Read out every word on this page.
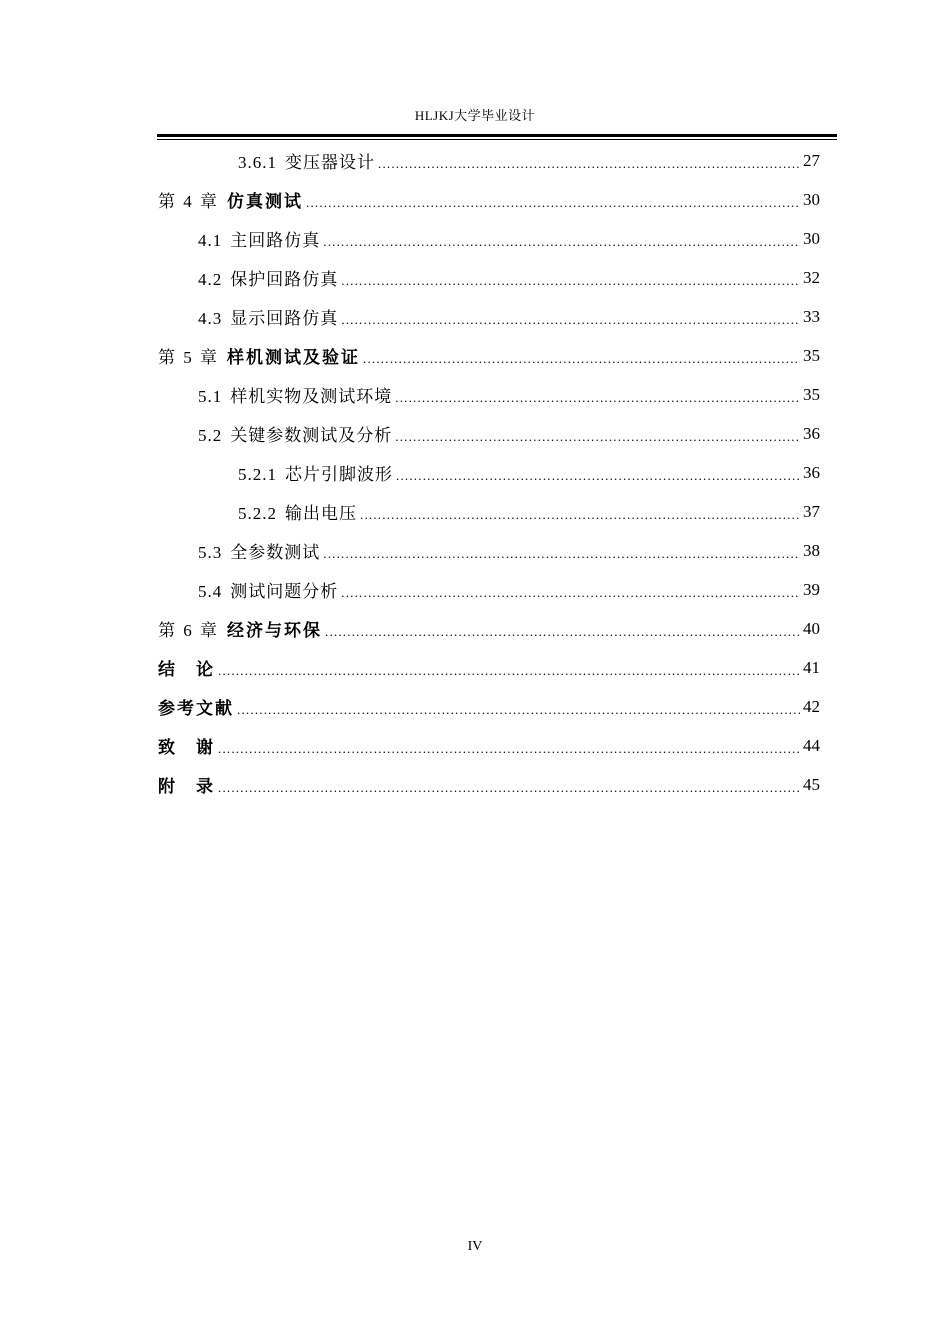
HLJKJ大学毕业设计
3.6.1 变压器设计 .....	27
第 4 章 仿真测试 .....	30
4.1 主回路仿真 .....	30
4.2 保护回路仿真 .....	32
4.3 显示回路仿真 .....	33
第 5 章 样机测试及验证 .....	35
5.1 样机实物及测试环境 .....	35
5.2 关键参数测试及分析 .....	36
5.2.1 芯片引脚波形 .....	36
5.2.2 输出电压 .....	37
5.3 全参数测试 .....	38
5.4 测试问题分析 .....	39
第 6 章 经济与环保 .....	40
结　论 .....	41
参考文献 .....	42
致　谢 .....	44
附　录 .....	45
IV
